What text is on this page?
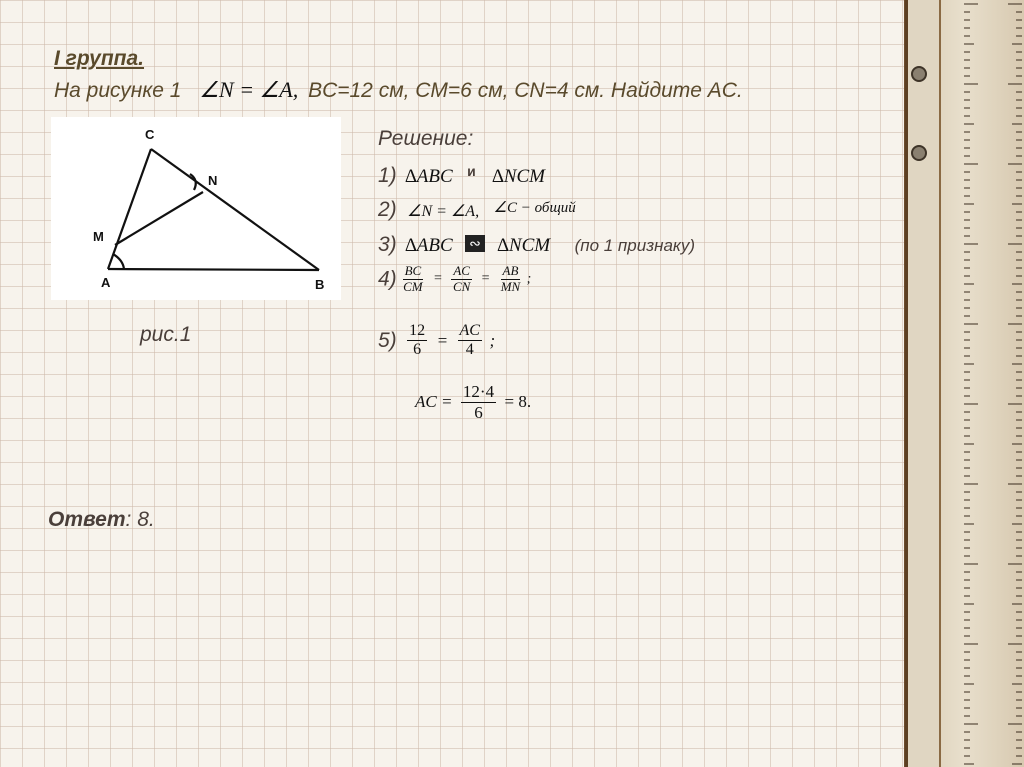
I группа.
На рисунке 1 ∠N = ∠A, BC=12 см, CM=6 см, CN=4 см. Найдите AC.
C
N
M
A	B
рис.1
Решение:
1) ∆ABC и ∆NCM
2) ∠N = ∠A, ∠C − общий
3) ∆ABC ∾ ∆NCM (по 1 признаку)
$4) \frac{BC}{CM} = \frac{AC}{CN} = \frac{AB}{MN}$ ;
$5) \frac{12}{6} = \frac{AC}{4}$ ;
AC = $\frac{12\cdot 4}{6} = 8$.
Ответ: 8.
